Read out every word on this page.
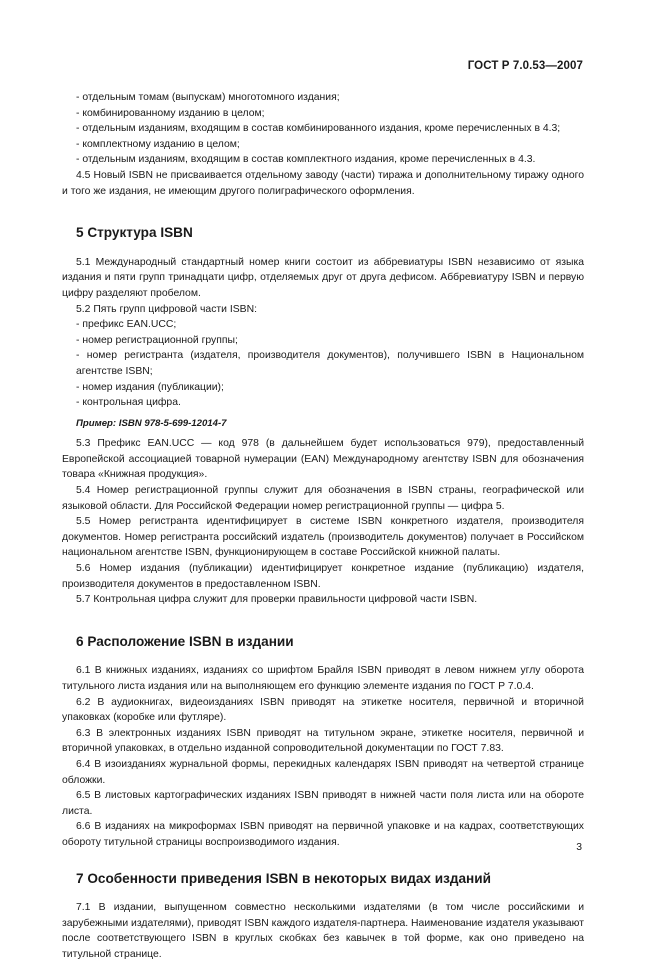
ГОСТ Р 7.0.53—2007

- отдельным томам (выпускам) многотомного издания;

- комбинированному изданию в целом;

- отдельным изданиям, входящим в состав комбинированного издания, кроме перечисленных в 4.3;

- комплектному изданию в целом;

- отдельным изданиям, входящим в состав комплектного издания, кроме перечисленных в 4.3.

4.5 Новый ISBN не присваивается отдельному заводу (части) тиража и дополнительному тиражу одного и того же издания, не имеющим другого полиграфического оформления.

5 Структура ISBN

5.1 Международный стандартный номер книги состоит из аббревиатуры ISBN независимо от языка издания и пяти групп тринадцати цифр, отделяемых друг от друга дефисом. Аббревиатуру ISBN и первую цифру разделяют пробелом.

5.2 Пять групп цифровой части ISBN:

- префикс EAN.UCC;

- номер регистрационной группы;

- номер регистранта (издателя, производителя документов), получившего ISBN в Национальном агентстве ISBN;

- номер издания (публикации);

- контрольная цифра.

Пример: ISBN 978-5-699-12014-7

5.3 Префикс EAN.UCC — код 978 (в дальнейшем будет использоваться 979), предоставленный Европейской ассоциацией товарной нумерации (EAN) Международному агентству ISBN для обозначения товара «Книжная продукция».

5.4 Номер регистрационной группы служит для обозначения в ISBN страны, географической или языковой области. Для Российской Федерации номер регистрационной группы — цифра 5.

5.5 Номер регистранта идентифицирует в системе ISBN конкретного издателя, производителя документов. Номер регистранта российский издатель (производитель документов) получает в Российском национальном агентстве ISBN, функционирующем в составе Российской книжной палаты.

5.6 Номер издания (публикации) идентифицирует конкретное издание (публикацию) издателя, производителя документов в предоставленном ISBN.

5.7 Контрольная цифра служит для проверки правильности цифровой части ISBN.

6 Расположение ISBN в издании

6.1 В книжных изданиях, изданиях со шрифтом Брайля ISBN приводят в левом нижнем углу оборота титульного листа издания или на выполняющем его функцию элементе издания по ГОСТ Р 7.0.4.

6.2 В аудиокнигах, видеоизданиях ISBN приводят на этикетке носителя, первичной и вторичной упаковках (коробке или футляре).

6.3 В электронных изданиях ISBN приводят на титульном экране, этикетке носителя, первичной и вторичной упаковках, в отдельно изданной сопроводительной документации по ГОСТ 7.83.

6.4 В изоизданиях журнальной формы, перекидных календарях ISBN приводят на четвертой странице обложки.

6.5 В листовых картографических изданиях ISBN приводят в нижней части поля листа или на обороте листа.

6.6 В изданиях на микроформах ISBN приводят на первичной упаковке и на кадрах, соответствующих обороту титульной страницы воспроизводимого издания.

7 Особенности приведения ISBN в некоторых видах изданий

7.1 В издании, выпущенном совместно несколькими издателями (в том числе российскими и зарубежными издателями), приводят ISBN каждого издателя-партнера. Наименование издателя указывают после соответствующего ISBN в круглых скобках без кавычек в той форме, как оно приведено на титульной странице.

3
